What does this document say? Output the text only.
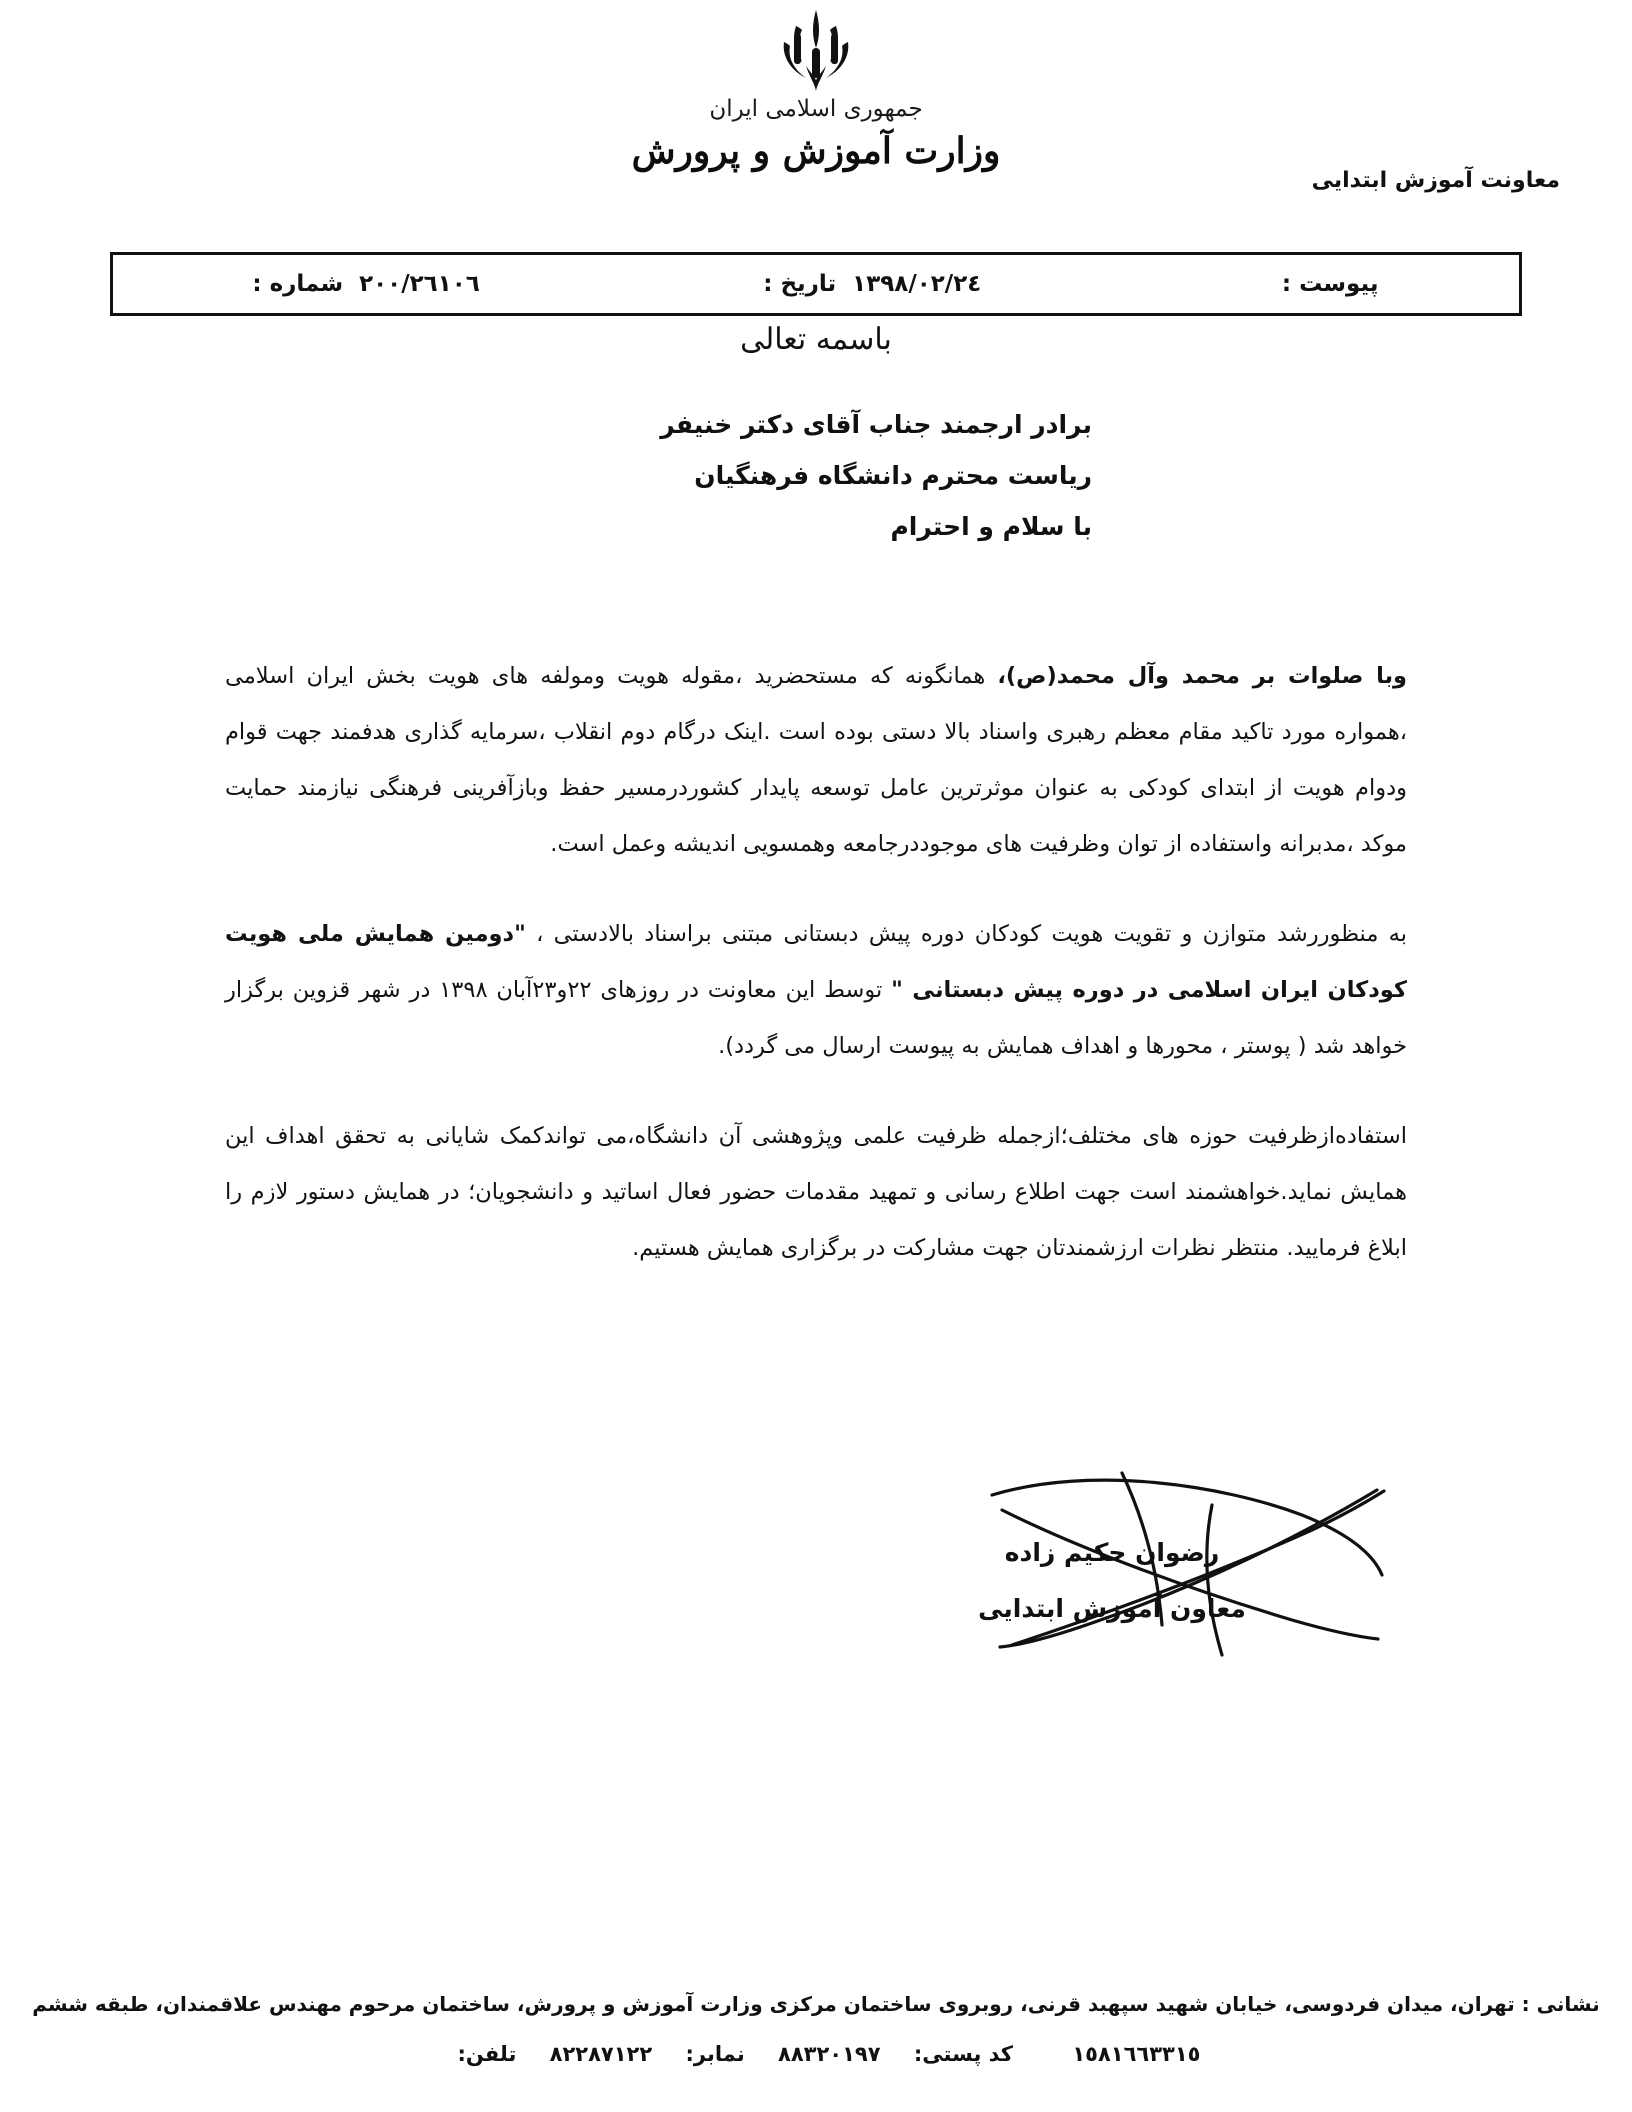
جمهوری اسلامی ایران
وزارت آموزش و پرورش
معاونت آموزش ابتدایی
پیوست :
١٣٩٨/٠٢/٢٤
تاریخ :
٢٠٠/٢٦١٠٦
شماره :
باسمه تعالی
برادر ارجمند جناب آقای دکتر خنیفر
ریاست محترم دانشگاه فرهنگیان
با سلام و احترام

وبا صلوات بر محمد وآل محمد(ص)، همانگونه که مستحضرید ،مقوله هویت ومولفه های هویت بخش ایران اسلامی ،همواره مورد تاکید مقام معظم رهبری واسناد بالا دستی بوده است .اینک درگام دوم انقلاب ،سرمایه گذاری هدفمند جهت قوام ودوام هویت از ابتدای کودکی به عنوان موثرترین عامل توسعه پایدار کشوردرمسیر حفظ وبازآفرینی فرهنگی نیازمند حمایت موکد ،مدبرانه واستفاده از توان وظرفیت های موجوددرجامعه وهمسویی اندیشه وعمل است.

به منظوررشد متوازن و تقویت هویت کودکان دوره پیش دبستانی مبتنی براسناد بالادستی ، "دومین همایش ملی هویت کودکان ایران اسلامی در دوره پیش دبستانی " توسط این معاونت در روزهای ٢٢و٢٣آبان ١٣٩٨ در شهر قزوین برگزار خواهد شد ( پوستر ، محورها و اهداف همایش به پیوست ارسال می گردد).

استفاده‌ازظرفیت حوزه های مختلف؛ازجمله ظرفیت علمی وپژوهشی آن دانشگاه،می تواندکمک شایانی به تحقق اهداف این همایش نماید.خواهشمند است جهت اطلاع رسانی و تمهید مقدمات حضور فعال اساتید و دانشجویان؛ در همایش دستور لازم را ابلاغ فرمایید. منتظر نظرات ارزشمندتان جهت مشارکت در برگزاری همایش هستیم.

رضوان حکیم زاده
معاون آموزش ابتدایی
نشانی : تهران، میدان فردوسی، خیابان شهید سپهبد قرنی، روبروی ساختمان مرکزی وزارت آموزش و پرورش، ساختمان مرحوم مهندس علاقمندان، طبقه ششم
١٥٨١٦٦٣٣١٥ کد پستی: ٨٨٣٢٠١٩٧ نمابر: ٨٢٢٨٧١٢٢ تلفن:
